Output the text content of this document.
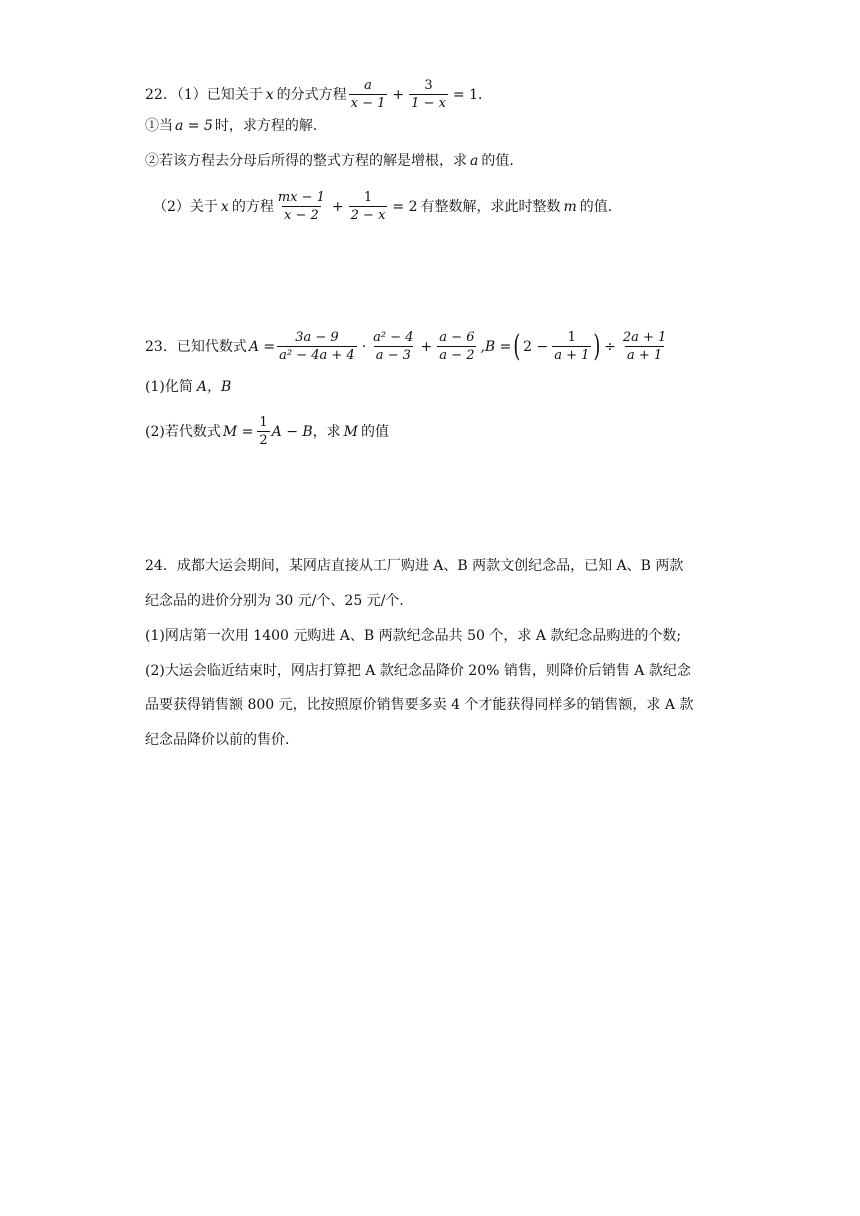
22．（1）已知关于 x 的分式方程 $\frac{a}{x - 1} + \frac{3}{1 - x} = 1$．
①当 a = 5 时，求方程的解.
②若该方程去分母后所得的整式方程的解是增根，求 a 的值.
（2）关于 x 的方程 $\frac{mx - 1}{x - 2} + \frac{1}{2 - x} = 2$ 有整数解，求此时整数 m 的值.
23．已知代数式 $A = \frac{3a - 9}{\text{a² − 4a + 4}} \cdot \frac{\text{a² − 4}}{a - 3} + \frac{a - 6}{a - 2} ,B$ = ( $2 - \frac{1}{a + 1}$ ) ÷ $\frac{2a + 1}{a + 1}$
(1)化简 A，B
(2)若代数式 $M = \frac{1}{2}$ A − B ，求 M 的值
24．成都大运会期间，某网店直接从工厂购进 A、B 两款文创纪念品，已知 A、B 两款
纪念品的进价分别为 30 元/个、25 元/个.
(1)网店第一次用 1400 元购进 A、B 两款纪念品共 50 个，求 A 款纪念品购进的个数;
(2)大运会临近结束时，网店打算把 A 款纪念品降价 20% 销售，则降价后销售 A 款纪念
品要获得销售额 800 元，比按照原价销售要多卖 4 个才能获得同样多的销售额，求 A 款
纪念品降价以前的售价.
